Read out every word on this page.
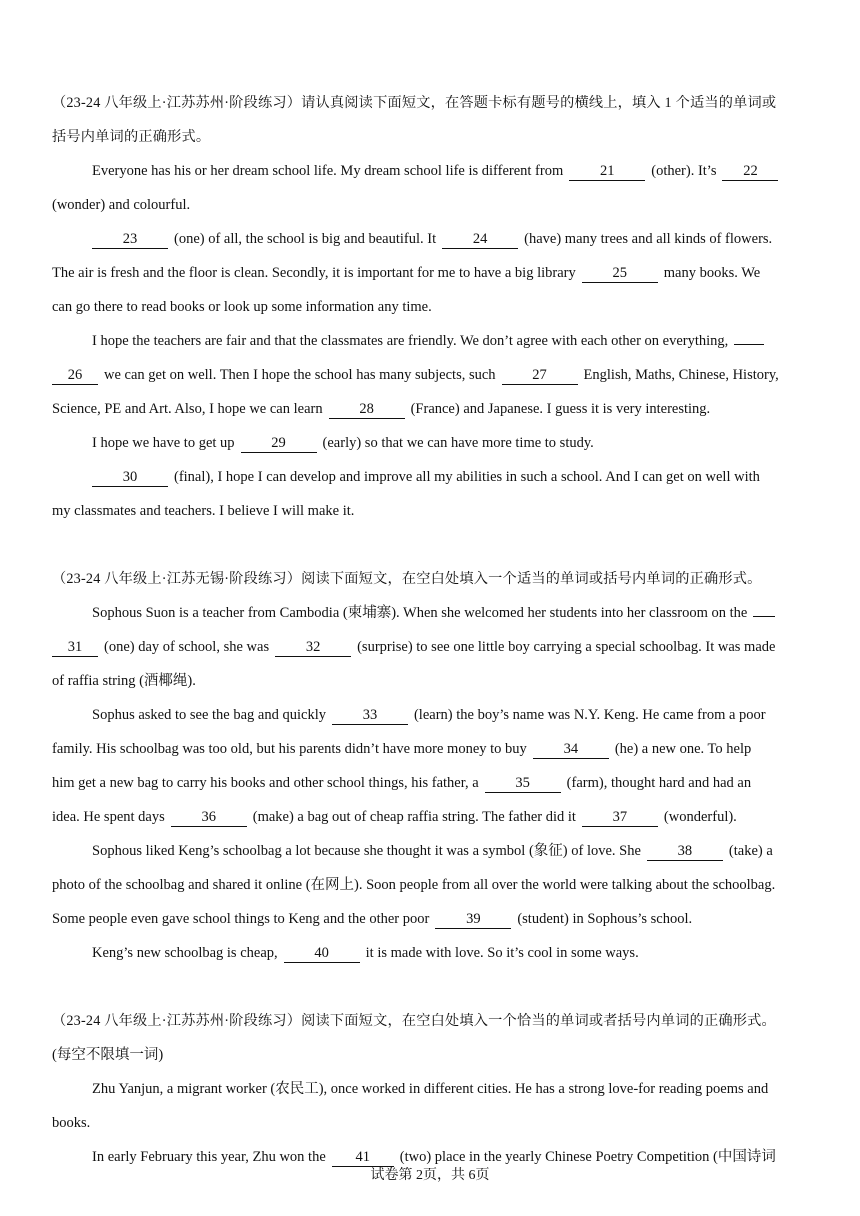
（23-24 八年级上·江苏苏州·阶段练习）请认真阅读下面短文，在答题卡标有题号的横线上，填入 1 个适当的单词或
括号内单词的正确形式。
Everyone has his or her dream school life. My dream school life is different from	21	(other). It’s 22
(wonder) and colourful.
23	(one) of all, the school is big and beautiful. It	24	(have) many trees and all kinds of flowers.
The air is fresh and the floor is clean. Secondly, it is important for me to have a big library	25	many books. We
can go there to read books or look up some information any time.
I hope the teachers are fair and that the classmates are friendly. We don’t agree with each other on everything,
26 we can get on well. Then I hope the school has many subjects, such	27	English, Maths, Chinese, History,
Science, PE and Art. Also, I hope we can learn	28	(France) and Japanese. I guess it is very interesting.
I hope we have to get up	29	(early) so that we can have more time to study.
30	(final), I hope I can develop and improve all my abilities in such a school. And I can get on well with
my classmates and teachers. I believe I will make it.
（23-24 八年级上·江苏无锡·阶段练习）阅读下面短文，在空白处填入一个适当的单词或括号内单词的正确形式。
Sophous Suon is a teacher from Cambodia (柬埔寨). When she welcomed her students into her classroom on the
31 (one) day of school, she was	32	(surprise) to see one little boy carrying a special schoolbag. It was made
of raffia string (酒椰绳).
Sophus asked to see the bag and quickly	33	(learn) the boy’s name was N.Y. Keng. He came from a poor
family. His schoolbag was too old, but his parents didn’t have more money to buy	34	(he) a new one. To help
him get a new bag to carry his books and other school things, his father, a	35	(farm), thought hard and had an
idea. He spent days	36	(make) a bag out of cheap raffia string. The father did it	37	(wonderful).
Sophous liked Keng’s schoolbag a lot because she thought it was a symbol (象征) of love. She	38	(take) a
photo of the schoolbag and shared it online (在网上). Soon people from all over the world were talking about the schoolbag.
Some people even gave school things to Keng and the other poor	39	(student) in Sophous’s school.
Keng’s new schoolbag is cheap,	40	it is made with love. So it’s cool in some ways.
（23-24 八年级上·江苏苏州·阶段练习）阅读下面短文，在空白处填入一个恰当的单词或者括号内单词的正确形式。
(每空不限填一词)
Zhu Yanjun, a migrant worker (农民工), once worked in different cities. He has a strong love-for reading poems and
books.
In early February this year, Zhu won the 41 (two) place in the yearly Chinese Poetry Competition (中国诗词
试卷第 2页，共 6页
